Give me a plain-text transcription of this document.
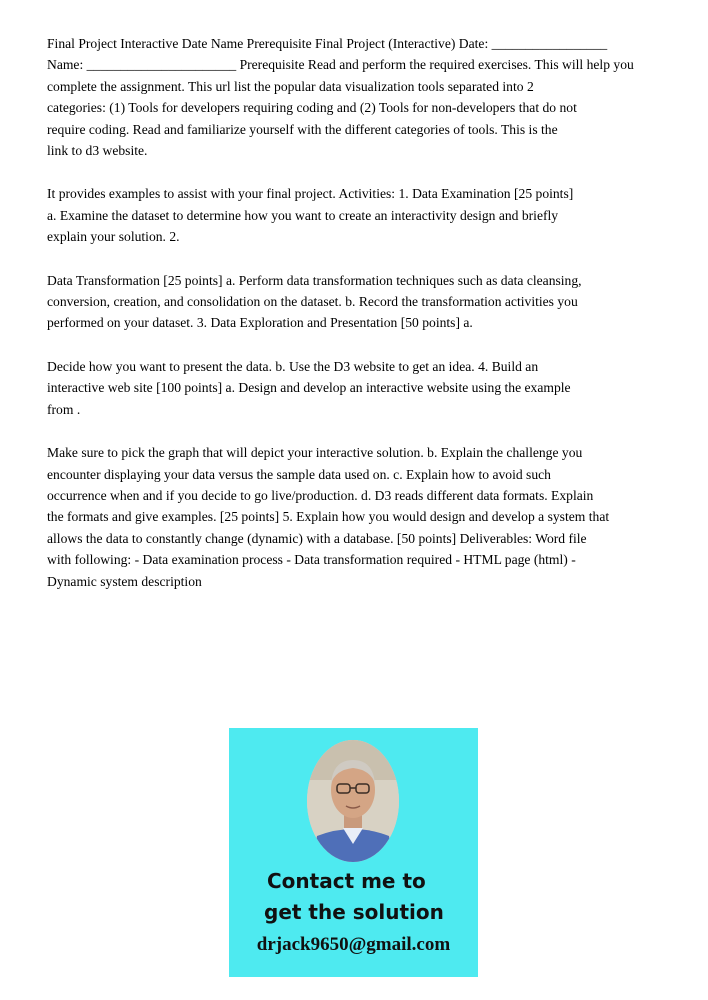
Final Project Interactive Date Name Prerequisite Final Project (Interactive) Date: _________________
Name: ______________________ Prerequisite Read and perform the required exercises. This will help you
complete the assignment. This url list the popular data visualization tools separated into 2
categories: (1) Tools for developers requiring coding and (2) Tools for non-developers that do not
require coding. Read and familiarize yourself with the different categories of tools. This is the
link to d3 website.
It provides examples to assist with your final project. Activities: 1. Data Examination [25 points]
a. Examine the dataset to determine how you want to create an interactivity design and briefly
explain your solution. 2.
Data Transformation [25 points] a. Perform data transformation techniques such as data cleansing,
conversion, creation, and consolidation on the dataset. b. Record the transformation activities you
performed on your dataset. 3. Data Exploration and Presentation [50 points] a.
Decide how you want to present the data. b. Use the D3 website to get an idea. 4. Build an
interactive web site [100 points] a. Design and develop an interactive website using the example
from .
Make sure to pick the graph that will depict your interactive solution. b. Explain the challenge you
encounter displaying your data versus the sample data used on. c. Explain how to avoid such
occurrence when and if you decide to go live/production. d. D3 reads different data formats. Explain
the formats and give examples. [25 points] 5. Explain how you would design and develop a system that
allows the data to constantly change (dynamic) with a database. [50 points] Deliverables: Word file
with following: - Data examination process - Data transformation required - HTML page (html) -
Dynamic system description
Contact me to
get the solution
drjack9650@gmail.com
